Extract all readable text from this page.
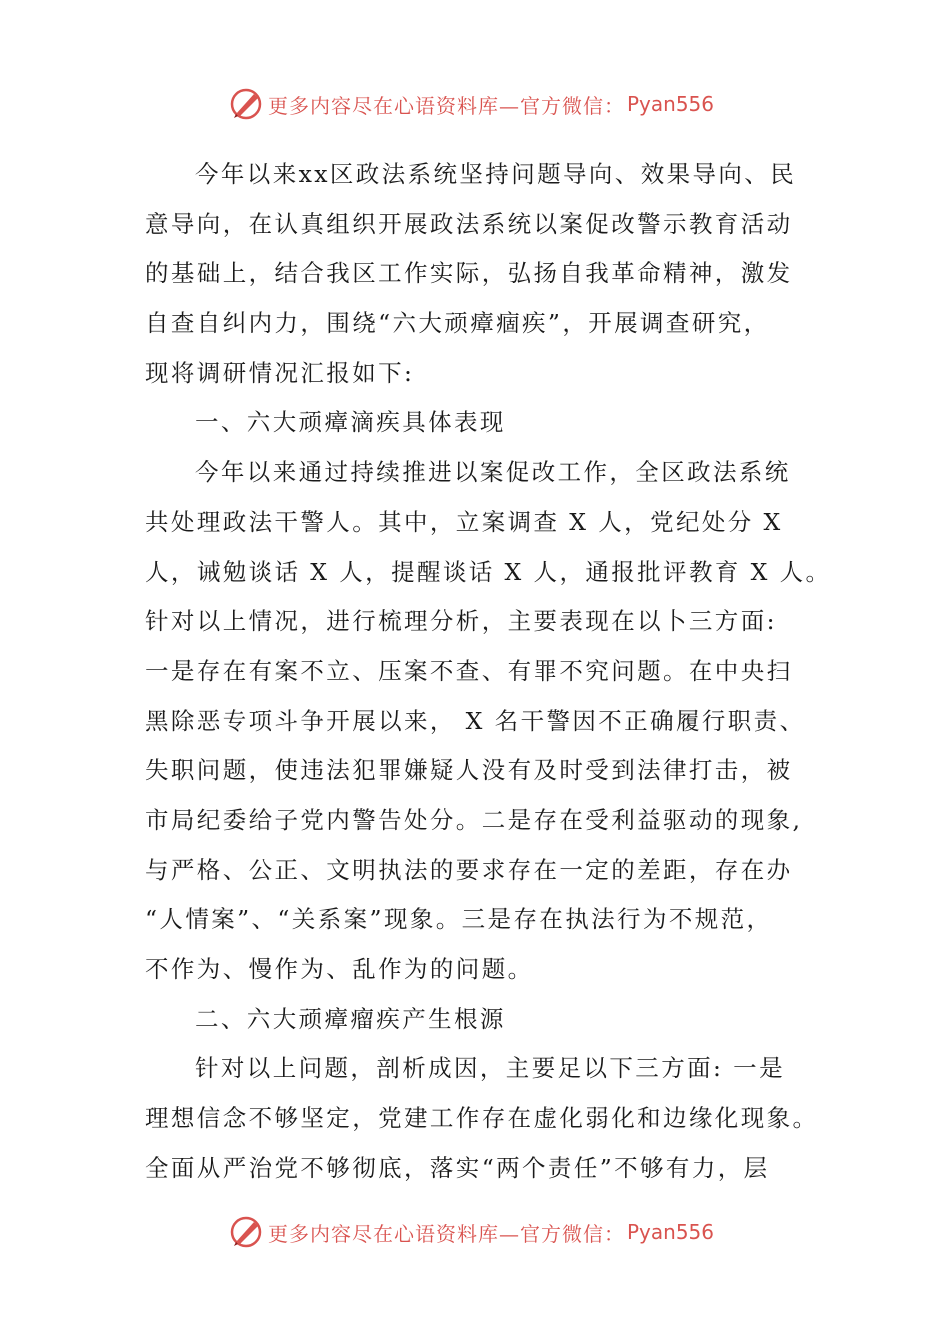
更多内容尽在心语资料库—官方微信： Pyan556
今年以来xx区政法系统坚持问题导向、效果导向、民
意导向，在认真组织开展政法系统以案促改警示教育活动
的基础上，结合我区工作实际，弘扬自我革命精神，激发
自查自纠内力，围绕“六大顽瘴痼疾”，开展调查研究，
现将调研情况汇报如下:
一、六大顽瘴滴疾具体表现
今年以来通过持续推进以案促改工作，全区政法系统
共处理政法干警人。其中，立案调查 X 人，党纪处分 X
人，诫勉谈话 X 人，提醒谈话 X 人，通报批评教育 X 人。
针对以上情况，进行梳理分析，主要表现在以卜三方面:
一是存在有案不立、压案不查、有罪不究问题。在中央扫
黑除恶专项斗争开展以来， X 名干警因不正确履行职责、
失职问题，使违法犯罪嫌疑人没有及时受到法律打击，被
市局纪委给子党内警告处分。二是存在受利益驱动的现象,
与严格、公正、文明执法的要求存在一定的差距，存在办
“人情案”、“关系案”现象。三是存在执法行为不规范，
不作为、慢作为、乱作为的问题。
二、六大顽瘴瘤疾产生根源
针对以上问题，剖析成因，主要足以下三方面: 一是
理想信念不够坚定，党建工作存在虚化弱化和边缘化现象。
全面从严治党不够彻底，落实“两个责任”不够有力，层
更多内容尽在心语资料库—官方微信： Pyan556
